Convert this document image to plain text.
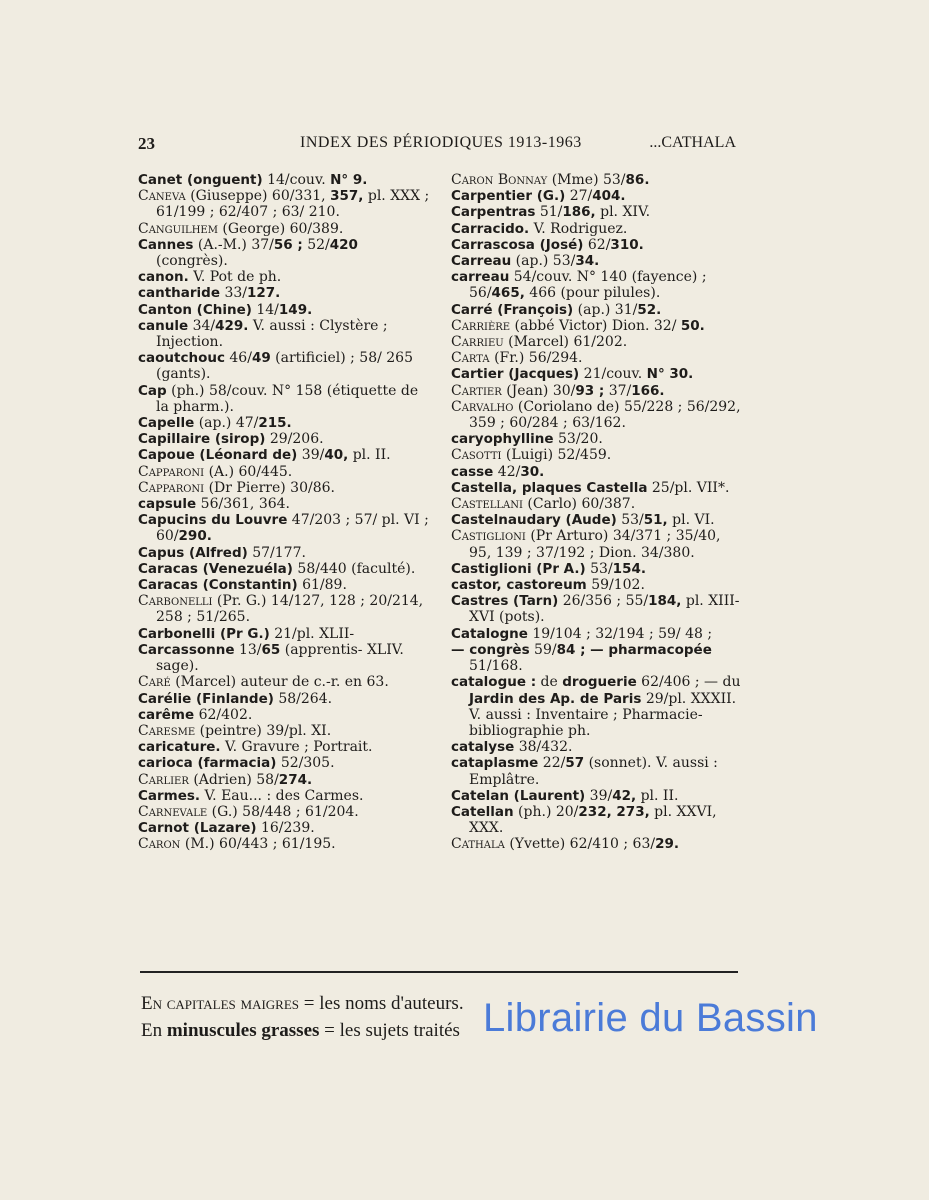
23	INDEX DES PÉRIODIQUES 1913-1963	...CATHALA
Canet (onguent) 14/couv. N° 9.
Caneva (Giuseppe) 60/331, 357, pl. XXX ; 61/199 ; 62/407 ; 63/ 210.
Canguilhem (George) 60/389.
Cannes (A.-M.) 37/56 ; 52/420 (congrès).
canon. V. Pot de ph.
cantharide 33/127.
Canton (Chine) 14/149.
canule 34/429. V. aussi : Clystère ; Injection.
caoutchouc 46/49 (artificiel) ; 58/ 265 (gants).
Cap (ph.) 58/couv. N° 158 (étiquette de la pharm.).
Capelle (ap.) 47/215.
Capillaire (sirop) 29/206.
Capoue (Léonard de) 39/40, pl. II.
Capparoni (A.) 60/445.
Capparoni (Dr Pierre) 30/86.
capsule 56/361, 364.
Capucins du Louvre 47/203 ; 57/ pl. VI ; 60/290.
Capus (Alfred) 57/177.
Caracas (Venezuéla) 58/440 (faculté).
Caracas (Constantin) 61/89.
Carbonelli (Pr. G.) 14/127, 128 ; 20/214, 258 ; 51/265.
Carbonelli (Pr G.) 21/pl. XLII-
Carcassonne 13/65 (apprentis- XLIV. sage).
Caré (Marcel) auteur de c.-r. en 63.
Carélie (Finlande) 58/264.
carême 62/402.
Caresme (peintre) 39/pl. XI.
caricature. V. Gravure ; Portrait.
carioca (farmacia) 52/305.
Carlier (Adrien) 58/274.
Carmes. V. Eau... : des Carmes.
Carnevale (G.) 58/448 ; 61/204.
Carnot (Lazare) 16/239.
Caron (M.) 60/443 ; 61/195.
Caron Bonnay (Mme) 53/86.
Carpentier (G.) 27/404.
Carpentras 51/186, pl. XIV.
Carracido. V. Rodriguez.
Carrascosa (José) 62/310.
Carreau (ap.) 53/34.
carreau 54/couv. N° 140 (fayence) ; 56/465, 466 (pour pilules).
Carré (François) (ap.) 31/52.
Carrière (abbé Victor) Dion. 32/ 50.
Carrieu (Marcel) 61/202.
Carta (Fr.) 56/294.
Cartier (Jacques) 21/couv. N° 30.
Cartier (Jean) 30/93 ; 37/166.
Carvalho (Coriolano de) 55/228 ; 56/292, 359 ; 60/284 ; 63/162.
caryophylline 53/20.
Casotti (Luigi) 52/459.
casse 42/30.
Castella, plaques Castella 25/pl. VII*.
Castellani (Carlo) 60/387.
Castelnaudary (Aude) 53/51, pl. VI.
Castiglioni (Pr Arturo) 34/371 ; 35/40, 95, 139 ; 37/192 ; Dion. 34/380.
Castiglioni (Pr A.) 53/154.
castor, castoreum 59/102.
Castres (Tarn) 26/356 ; 55/184, pl. XIII-XVI (pots).
Catalogne 19/104 ; 32/194 ; 59/ 48 ;
— congrès 59/84 ; — pharmacopée 51/168.
catalogue : de droguerie 62/406 ; — du Jardin des Ap. de Paris 29/pl. XXXII. V. aussi : Inventaire ; Pharmacie-bibliographie ph.
catalyse 38/432.
cataplasme 22/57 (sonnet). V. aussi : Emplâtre.
Catelan (Laurent) 39/42, pl. II.
Catellan (ph.) 20/232, 273, pl. XXVI, XXX.
Cathala (Yvette) 62/410 ; 63/29.
En capitales maigres = les noms d'auteurs.
En minuscules grasses = les sujets traités Librairie du Bassin
